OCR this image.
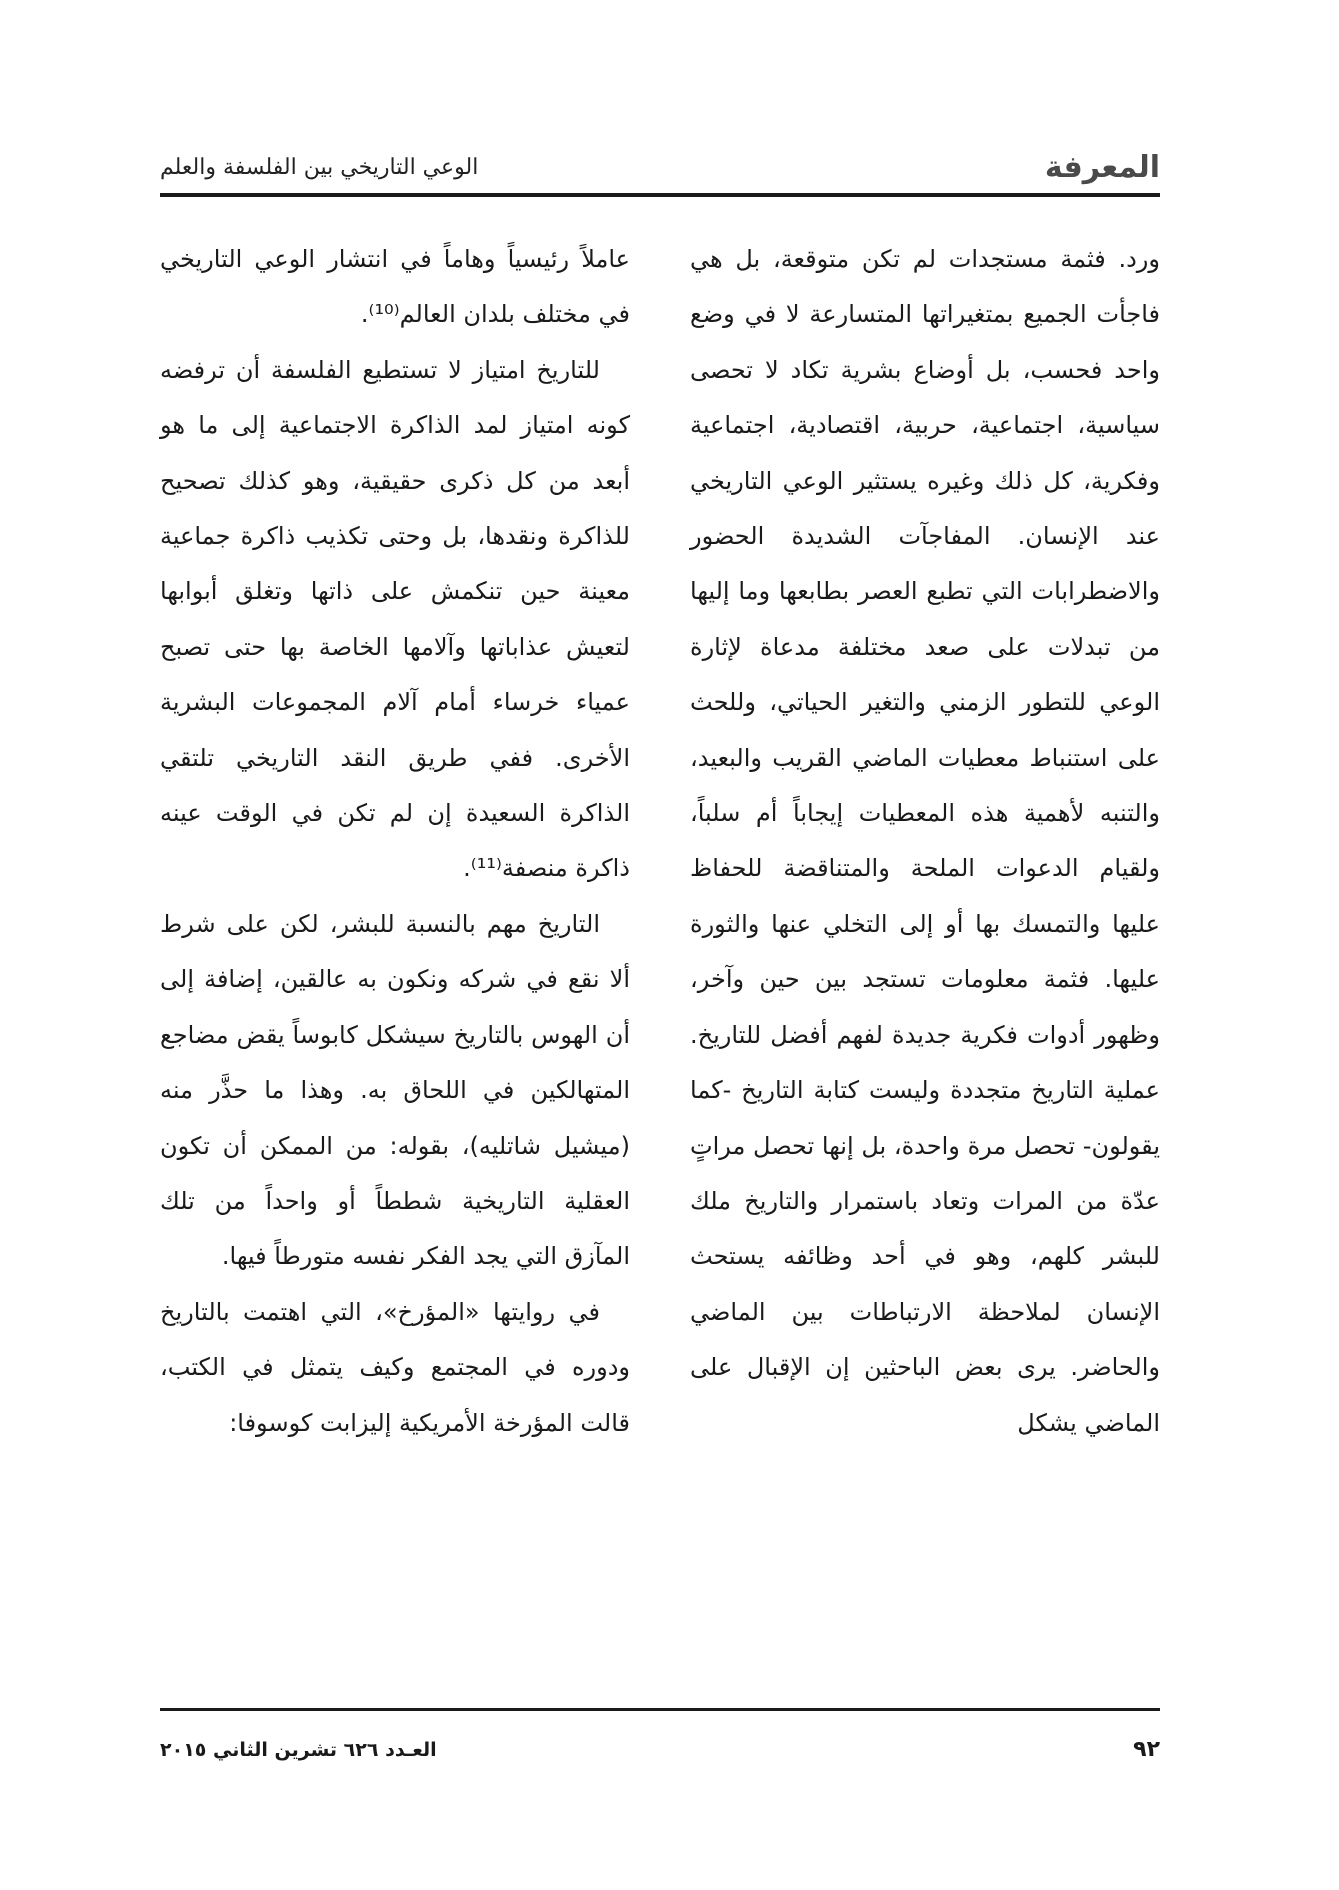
المعرفة
الوعي التاريخي بين الفلسفة والعلم

ورد. فثمة مستجدات لم تكن متوقعة، بل هي فاجأت الجميع بمتغيراتها المتسارعة لا في وضع واحد فحسب، بل أوضاع بشرية تكاد لا تحصى سياسية، اجتماعية، حربية، اقتصادية، اجتماعية وفكرية، كل ذلك وغيره يستثير الوعي التاريخي عند الإنسان. المفاجآت الشديدة الحضور والاضطرابات التي تطبع العصر بطابعها وما إليها من تبدلات على صعد مختلفة مدعاة لإثارة الوعي للتطور الزمني والتغير الحياتي، وللحث على استنباط معطيات الماضي القريب والبعيد، والتنبه لأهمية هذه المعطيات إيجاباً أم سلباً، ولقيام الدعوات الملحة والمتناقضة للحفاظ عليها والتمسك بها أو إلى التخلي عنها والثورة عليها. فثمة معلومات تستجد بين حين وآخر، وظهور أدوات فكرية جديدة لفهم أفضل للتاريخ. عملية التاريخ متجددة وليست كتابة التاريخ -كما يقولون- تحصل مرة واحدة، بل إنها تحصل مراتٍ عدّة من المرات وتعاد باستمرار والتاريخ ملك للبشر كلهم، وهو في أحد وظائفه يستحث الإنسان لملاحظة الارتباطات بين الماضي والحاضر. يرى بعض الباحثين إن الإقبال على الماضي يشكل

عاملاً رئيسياً وهاماً في انتشار الوعي التاريخي في مختلف بلدان العالم⁽¹⁰⁾.

للتاريخ امتياز لا تستطيع الفلسفة أن ترفضه كونه امتياز لمد الذاكرة الاجتماعية إلى ما هو أبعد من كل ذكرى حقيقية، وهو كذلك تصحيح للذاكرة ونقدها، بل وحتى تكذيب ذاكرة جماعية معينة حين تنكمش على ذاتها وتغلق أبوابها لتعيش عذاباتها وآلامها الخاصة بها حتى تصبح عمياء خرساء أمام آلام المجموعات البشرية الأخرى. ففي طريق النقد التاريخي تلتقي الذاكرة السعيدة إن لم تكن في الوقت عينه ذاكرة منصفة⁽¹¹⁾.

التاريخ مهم بالنسبة للبشر، لكن على شرط ألا نقع في شركه ونكون به عالقين، إضافة إلى أن الهوس بالتاريخ سيشكل كابوساً يقض مضاجع المتهالكين في اللحاق به. وهذا ما حذَّر منه (ميشيل شاتليه)، بقوله: من الممكن أن تكون العقلية التاريخية شططاً أو واحداً من تلك المآزق التي يجد الفكر نفسه متورطاً فيها.

في روايتها «المؤرخ»، التي اهتمت بالتاريخ ودوره في المجتمع وكيف يتمثل في الكتب، قالت المؤرخة الأمريكية إليزابت كوسوفا:

٩٢
العـدد ٦٢٦ تشرين الثاني ٢٠١٥
